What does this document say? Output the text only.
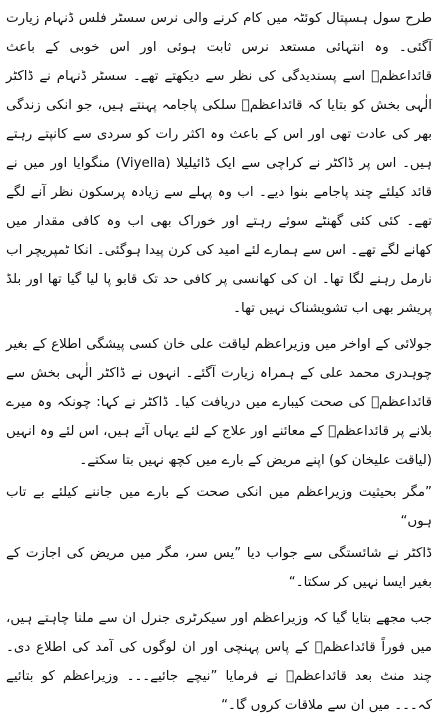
طرح سول ہسپتال کوئٹہ میں کام کرنے والی نرس سسٹر فلس ڈنہام زیارت آگئی۔ وہ انتہائی مستعد نرس ثابت ہوئی اور اس خوبی کے باعث قائداعظمؒ اسے پسندیدگی کی نظر سے دیکھتے تھے۔ سسٹر ڈنہام نے ڈاکٹر الٰہی بخش کو بتایا کہ قائداعظمؒ سلکی پاجامہ پہنتے ہیں، جو انکی زندگی بھر کی عادت تھی اور اس کے باعث وہ اکثر رات کو سردی سے کانپتے رہتے ہیں۔ اس پر ڈاکٹر نے کراچی سے ایک ڈائیلیلا (Viyella) منگوایا اور میں نے قائد کیلئے چند پاجامے بنوا دیے۔ اب وہ پہلے سے زیادہ پرسکون نظر آنے لگے تھے۔ کئی کئی گھنٹے سوئے رہتے اور خوراک بھی اب وہ کافی مقدار میں کھانے لگے تھے۔ اس سے ہمارے لئے امید کی کرن پیدا ہوگئی۔ انکا ٹمپریچر اب نارمل رہنے لگا تھا۔ ان کی کھانسی پر کافی حد تک قابو پا لیا گیا تھا اور بلڈ پریشر بھی اب تشویشناک نہیں تھا۔

جولائی کے اواخر میں وزیراعظم لیاقت علی خان کسی پیشگی اطلاع کے بغیر چوہدری محمد علی کے ہمراہ زیارت آگئے۔ انہوں نے ڈاکٹر الٰہی بخش سے قائداعظمؒ کی صحت کیبارے میں دریافت کیا۔ ڈاکٹر نے کہا: چونکہ وہ میرے بلانے پر قائداعظمؒ کے معائنے اور علاج کے لئے یہاں آئے ہیں، اس لئے وہ انہیں (لیاقت علیخان کو) اپنے مریض کے بارے میں کچھ نہیں بتا سکتے۔

”مگر بحیثیت وزیراعظم میں انکی صحت کے بارے میں جاننے کیلئے بے تاب ہوں“

ڈاکٹر نے شائستگی سے جواب دیا ”یس سر، مگر میں مریض کی اجازت کے بغیر ایسا نہیں کر سکتا۔“

جب مجھے بتایا گیا کہ وزیراعظم اور سیکرٹری جنرل ان سے ملنا چاہتے ہیں، میں فوراً قائداعظمؒ کے پاس پہنچی اور ان لوگوں کی آمد کی اطلاع دی۔ چند منٹ بعد قائداعظمؒ نے فرمایا ”نیچے جائیے۔۔۔ وزیراعظم کو بتائیے کہ۔۔۔ میں ان سے ملاقات کروں گا۔“
